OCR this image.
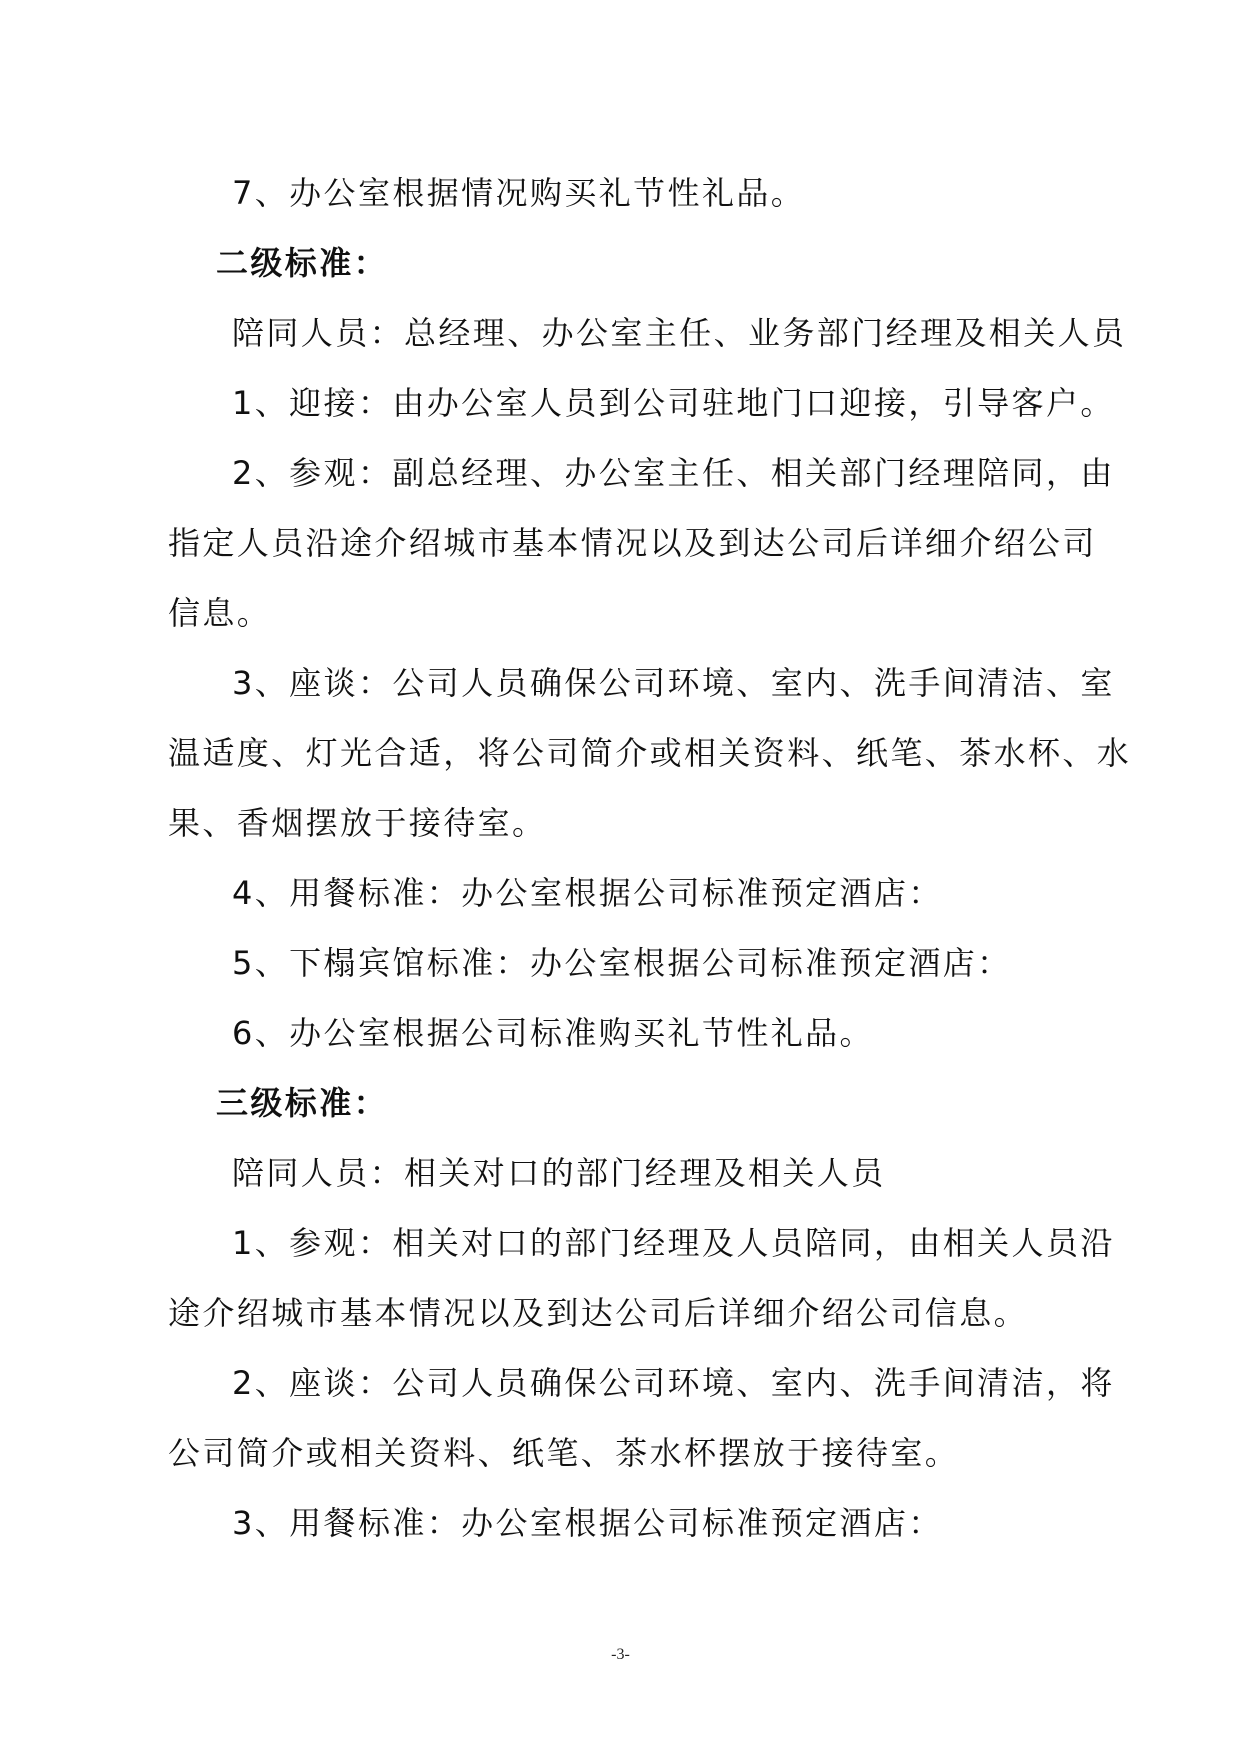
7、办公室根据情况购买礼节性礼品。
二级标准：
陪同人员：总经理、办公室主任、业务部门经理及相关人员
1、迎接：由办公室人员到公司驻地门口迎接，引导客户。
2、参观：副总经理、办公室主任、相关部门经理陪同，由
指定人员沿途介绍城市基本情况以及到达公司后详细介绍公司
信息。
3、座谈：公司人员确保公司环境、室内、洗手间清洁、室
温适度、灯光合适，将公司简介或相关资料、纸笔、茶水杯、水
果、香烟摆放于接待室。
4、用餐标准：办公室根据公司标准预定酒店：
5、下榻宾馆标准：办公室根据公司标准预定酒店：
6、办公室根据公司标准购买礼节性礼品。
三级标准：
陪同人员：相关对口的部门经理及相关人员
1、参观：相关对口的部门经理及人员陪同，由相关人员沿
途介绍城市基本情况以及到达公司后详细介绍公司信息。
2、座谈：公司人员确保公司环境、室内、洗手间清洁，将
公司简介或相关资料、纸笔、茶水杯摆放于接待室。
3、用餐标准：办公室根据公司标准预定酒店：
-3-
